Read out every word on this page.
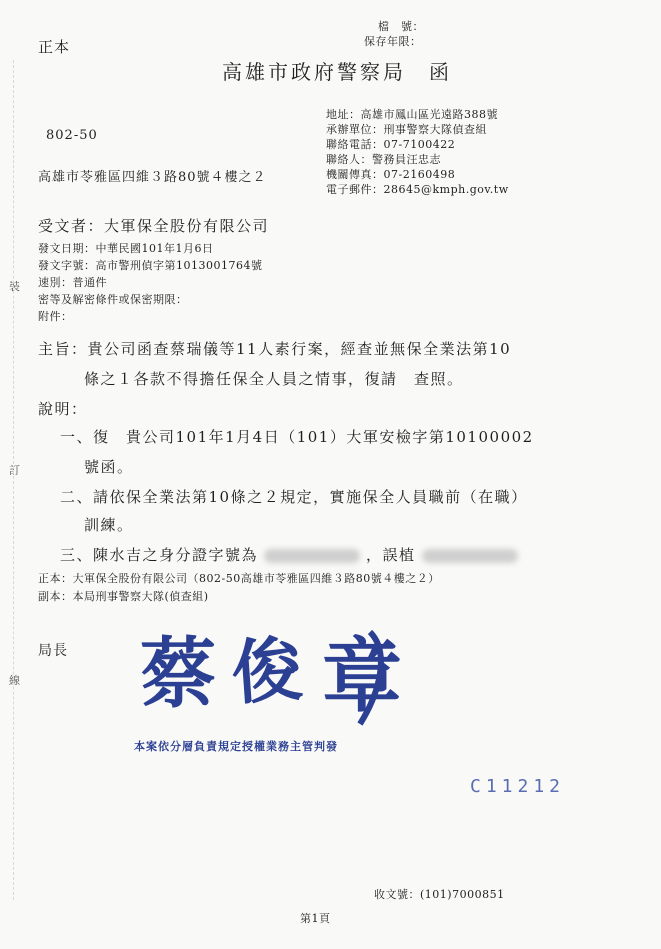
正本
檔　號：
保存年限：
高雄市政府警察局　函
802-50
高雄市苓雅區四維３路80號４樓之２
地址：高雄市鳳山區光遠路388號
承辦單位：刑事警察大隊偵查組
聯絡電話：07-7100422
聯絡人：警務員汪忠志
機關傳真：07-2160498
電子郵件：28645@kmph.gov.tw
受文者：大軍保全股份有限公司
發文日期：中華民國101年1月6日
發文字號：高市警刑偵字第1013001764號
速別：普通件
密等及解密條件或保密期限：
附件：
主旨：貴公司函查蔡瑞儀等11人素行案，經查並無保全業法第10
條之１各款不得擔任保全人員之情事，復請　查照。
說明：
一、復　貴公司101年1月4日（101）大軍安檢字第10100002
號函。
二、請依保全業法第10條之２規定，實施保全人員職前（在職）
訓練。
三、陳水吉之身分證字號為	，誤植
正本：大軍保全股份有限公司（802-50高雄市苓雅區四維３路80號４樓之２）
副本：本局刑事警察大隊(偵查組)
局長 蔡 俊 章
本案依分層負責規定授權業務主管判發
C11212
收文號：(101)7000851
第1頁
裝
訂
線
